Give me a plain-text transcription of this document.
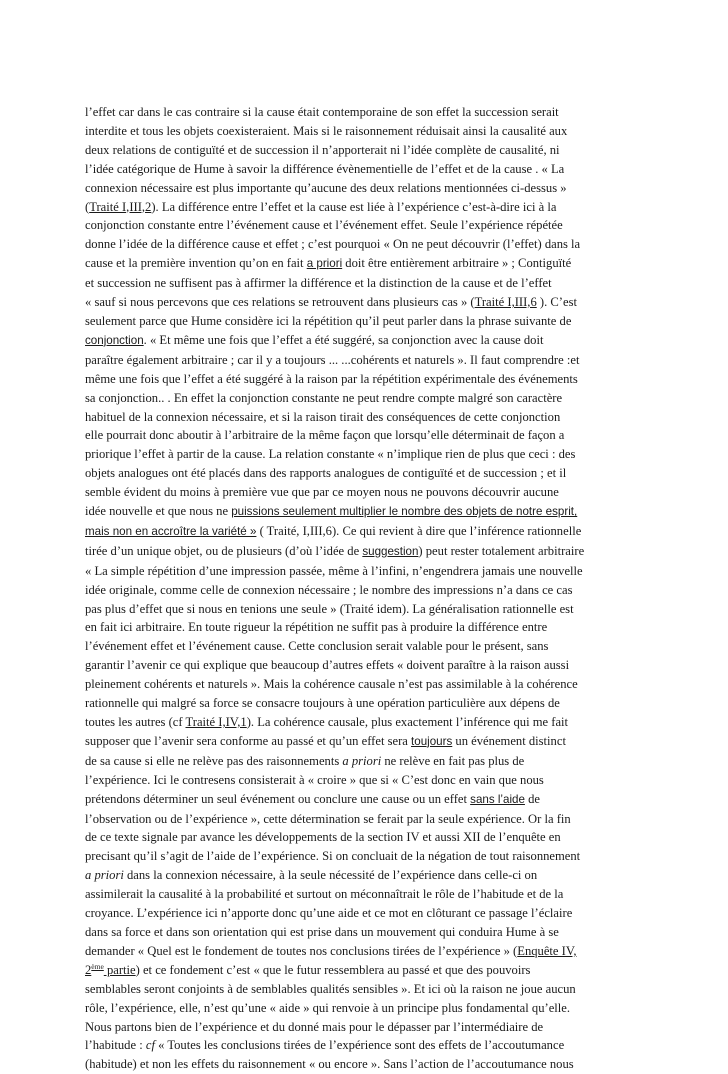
l’effet car dans le cas contraire si la cause était contemporaine de son effet la succession serait
interdite et tous les objets coexisteraient. Mais si le raisonnement réduisait ainsi la causalité aux
deux relations de contiguïté et de succession il n’apporterait ni l’idée complète de causalité, ni
l’idée catégorique de Hume à savoir la différence évènementielle de l’effet et de la cause . « La
connexion nécessaire est plus importante qu’aucune des deux relations mentionnées ci-dessus »
(Traité I,III,2). La différence entre l’effet et la cause est liée à l’expérience c’est-à-dire ici à la
conjonction constante entre l’événement cause et l’événement effet. Seule l’expérience répétée
donne l’idée de la différence cause et effet ; c’est pourquoi « On ne peut découvrir (l’effet) dans la
cause et la première invention qu’on en fait a priori doit être entièrement arbitraire » ; Contiguïté
et succession ne suffisent pas à affirmer la différence et la distinction de la cause et de l’effet
« sauf si nous percevons que ces relations se retrouvent dans plusieurs cas » (Traité I,III,6 ). C’est
seulement parce que Hume considère ici la répétition qu’il peut parler dans la phrase suivante de
conjonction. « Et même une fois que l’effet a été suggéré, sa conjonction avec la cause doit
paraître également arbitraire ; car il y a toujours ... ...cohérents et naturels ». Il faut comprendre :et
même une fois que l’effet a été suggéré à la raison par la répétition expérimentale des événements
sa conjonction.. . En effet la conjonction constante ne peut rendre compte malgré son caractère
habituel de la connexion nécessaire, et si la raison tirait des conséquences de cette conjonction
elle pourrait donc aboutir à l’arbitraire de la même façon que lorsqu’elle déterminait de façon a
priorique l’effet à partir de la cause. La relation constante « n’implique rien de plus que ceci : des
objets analogues ont été placés dans des rapports analogues de contiguïté et de succession ; et il
semble évident du moins à première vue que par ce moyen nous ne pouvons découvrir aucune
idée nouvelle et que nous ne puissions seulement multiplier le nombre des objets de notre esprit,
mais non en accroître la variété » ( Traité, I,III,6). Ce qui revient à dire que l’inférence rationnelle
tirée d’un unique objet, ou de plusieurs (d’où l’idée de suggestion) peut rester totalement arbitraire
« La simple répétition d’une impression passée, même à l’infini, n’engendrera jamais une nouvelle
idée originale, comme celle de connexion nécessaire ; le nombre des impressions n’a dans ce cas
pas plus d’effet que si nous en tenions une seule » (Traité idem). La généralisation rationnelle est
en fait ici arbitraire. En toute rigueur la répétition ne suffit pas à produire la différence entre
l’événement effet et l’événement cause. Cette conclusion serait valable pour le présent, sans
garantir l’avenir ce qui explique que beaucoup d’autres effets « doivent paraître à la raison aussi
pleinement cohérents et naturels ». Mais la cohérence causale n’est pas assimilable à la cohérence
rationnelle qui malgré sa force se consacre toujours à une opération particulière aux dépens de
toutes les autres (cf Traité I,IV,1). La cohérence causale, plus exactement l’inférence qui me fait
supposer que l’avenir sera conforme au passé et qu’un effet sera toujours un événement distinct
de sa cause si elle ne relève pas des raisonnements a priori ne relève en fait pas plus de
l’expérience. Ici le contresens consisterait à « croire » que si « C’est donc en vain que nous
prétendons déterminer un seul événement ou conclure une cause ou un effet sans l’aide de
l’observation ou de l’expérience », cette détermination se ferait par la seule expérience. Or la fin
de ce texte signale par avance les développements de la section IV et aussi XII de l’enquête en
precisant qu’il s’agit de l’aide de l’expérience. Si on concluait de la négation de tout raisonnement
a priori dans la connexion nécessaire, à la seule nécessité de l’expérience dans celle-ci on
assimilerait la causalité à la probabilité et surtout on méconnaîtrait le rôle de l’habitude et de la
croyance. L’expérience ici n’apporte donc qu’une aide et ce mot en clôturant ce passage l’éclaire
dans sa force et dans son orientation qui est prise dans un mouvement qui conduira Hume à se
demander « Quel est le fondement de toutes nos conclusions tirées de l’expérience » (Enquête IV,
2ème partie) et ce fondement c’est « que le futur ressemblera au passé et que des pouvoirs
semblables seront conjoints à de semblables qualités sensibles ». Et ici où la raison ne joue aucun
rôle, l’expérience, elle, n’est qu’une « aide » qui renvoie à un principe plus fondamental qu’elle.
Nous partons bien de l’expérience et du donné mais pour le dépasser par l’intermédiaire de
l’habitude : cf « Toutes les conclusions tirées de l’expérience sont des effets de l’accoutumance
(habitude) et non les effets du raisonnement « ou encore ». Sans l’action de l’accoutumance nous
